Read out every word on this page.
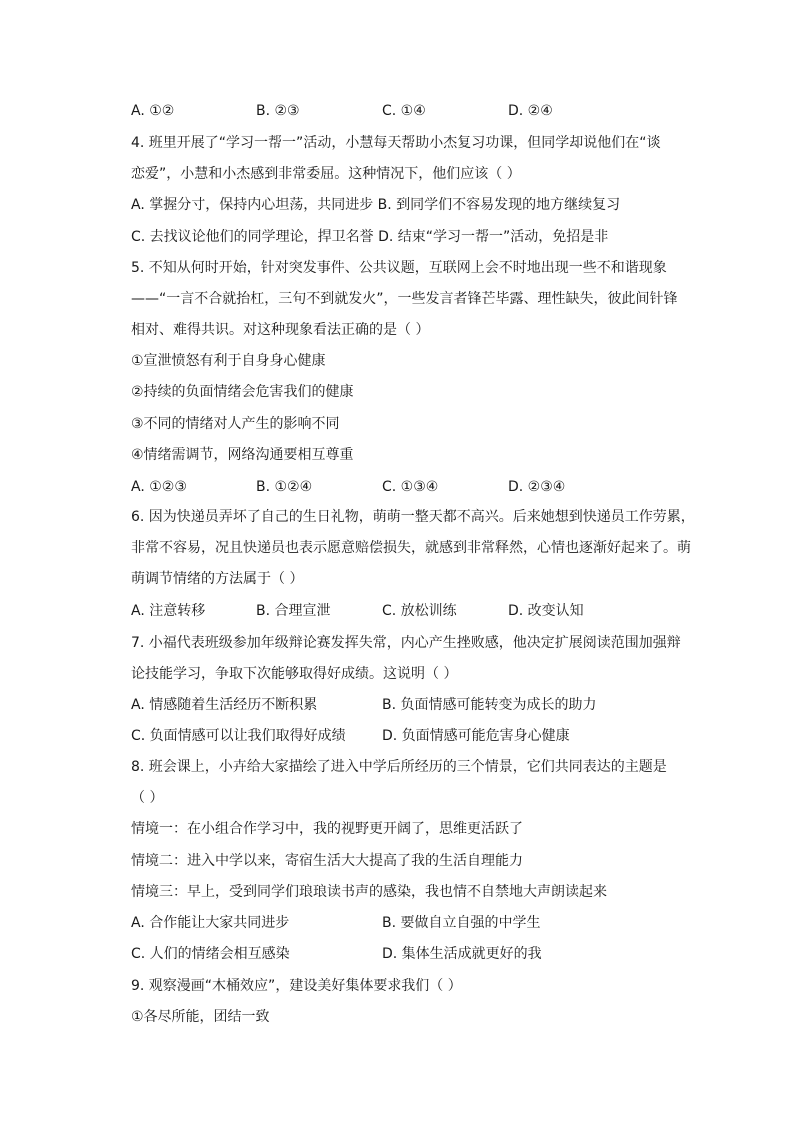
A. ①②	B. ②③	C. ①④	D. ②④
4. 班里开展了“学习一帮一”活动，小慧每天帮助小杰复习功课，但同学却说他们在“谈
恋爱”，小慧和小杰感到非常委屈。这种情况下，他们应该（ ）
A. 掌握分寸，保持内心坦荡，共同进步 B. 到同学们不容易发现的地方继续复习
C. 去找议论他们的同学理论，捍卫名誉 D. 结束“学习一帮一”活动，免招是非
5. 不知从何时开始，针对突发事件、公共议题，互联网上会不时地出现一些不和谐现象
——“一言不合就抬杠，三句不到就发火”，一些发言者锋芒毕露、理性缺失，彼此间针锋
相对、难得共识。对这种现象看法正确的是（ ）
①宣泄愤怒有利于自身身心健康
②持续的负面情绪会危害我们的健康
③不同的情绪对人产生的影响不同
④情绪需调节，网络沟通要相互尊重
A. ①②③	B. ①②④	C. ①③④	D. ②③④
6. 因为快递员弄坏了自己的生日礼物，萌萌一整天都不高兴。后来她想到快递员工作劳累，
非常不容易，况且快递员也表示愿意赔偿损失，就感到非常释然，心情也逐渐好起来了。萌
萌调节情绪的方法属于（ ）
A. 注意转移	B. 合理宣泄	C. 放松训练	D. 改变认知
7. 小福代表班级参加年级辩论赛发挥失常，内心产生挫败感，他决定扩展阅读范围加强辩
论技能学习，争取下次能够取得好成绩。这说明（ ）
A. 情感随着生活经历不断积累	B. 负面情感可能转变为成长的助力
C. 负面情感可以让我们取得好成绩	D. 负面情感可能危害身心健康
8. 班会课上，小卉给大家描绘了进入中学后所经历的三个情景，它们共同表达的主题是
（ ）
情境一：在小组合作学习中，我的视野更开阔了，思维更活跃了
情境二：进入中学以来，寄宿生活大大提高了我的生活自理能力
情境三：早上，受到同学们琅琅读书声的感染，我也情不自禁地大声朗读起来
A. 合作能让大家共同进步	B. 要做自立自强的中学生
C. 人们的情绪会相互感染	D. 集体生活成就更好的我
9. 观察漫画“木桶效应”，建设美好集体要求我们（ ）
①各尽所能，团结一致
